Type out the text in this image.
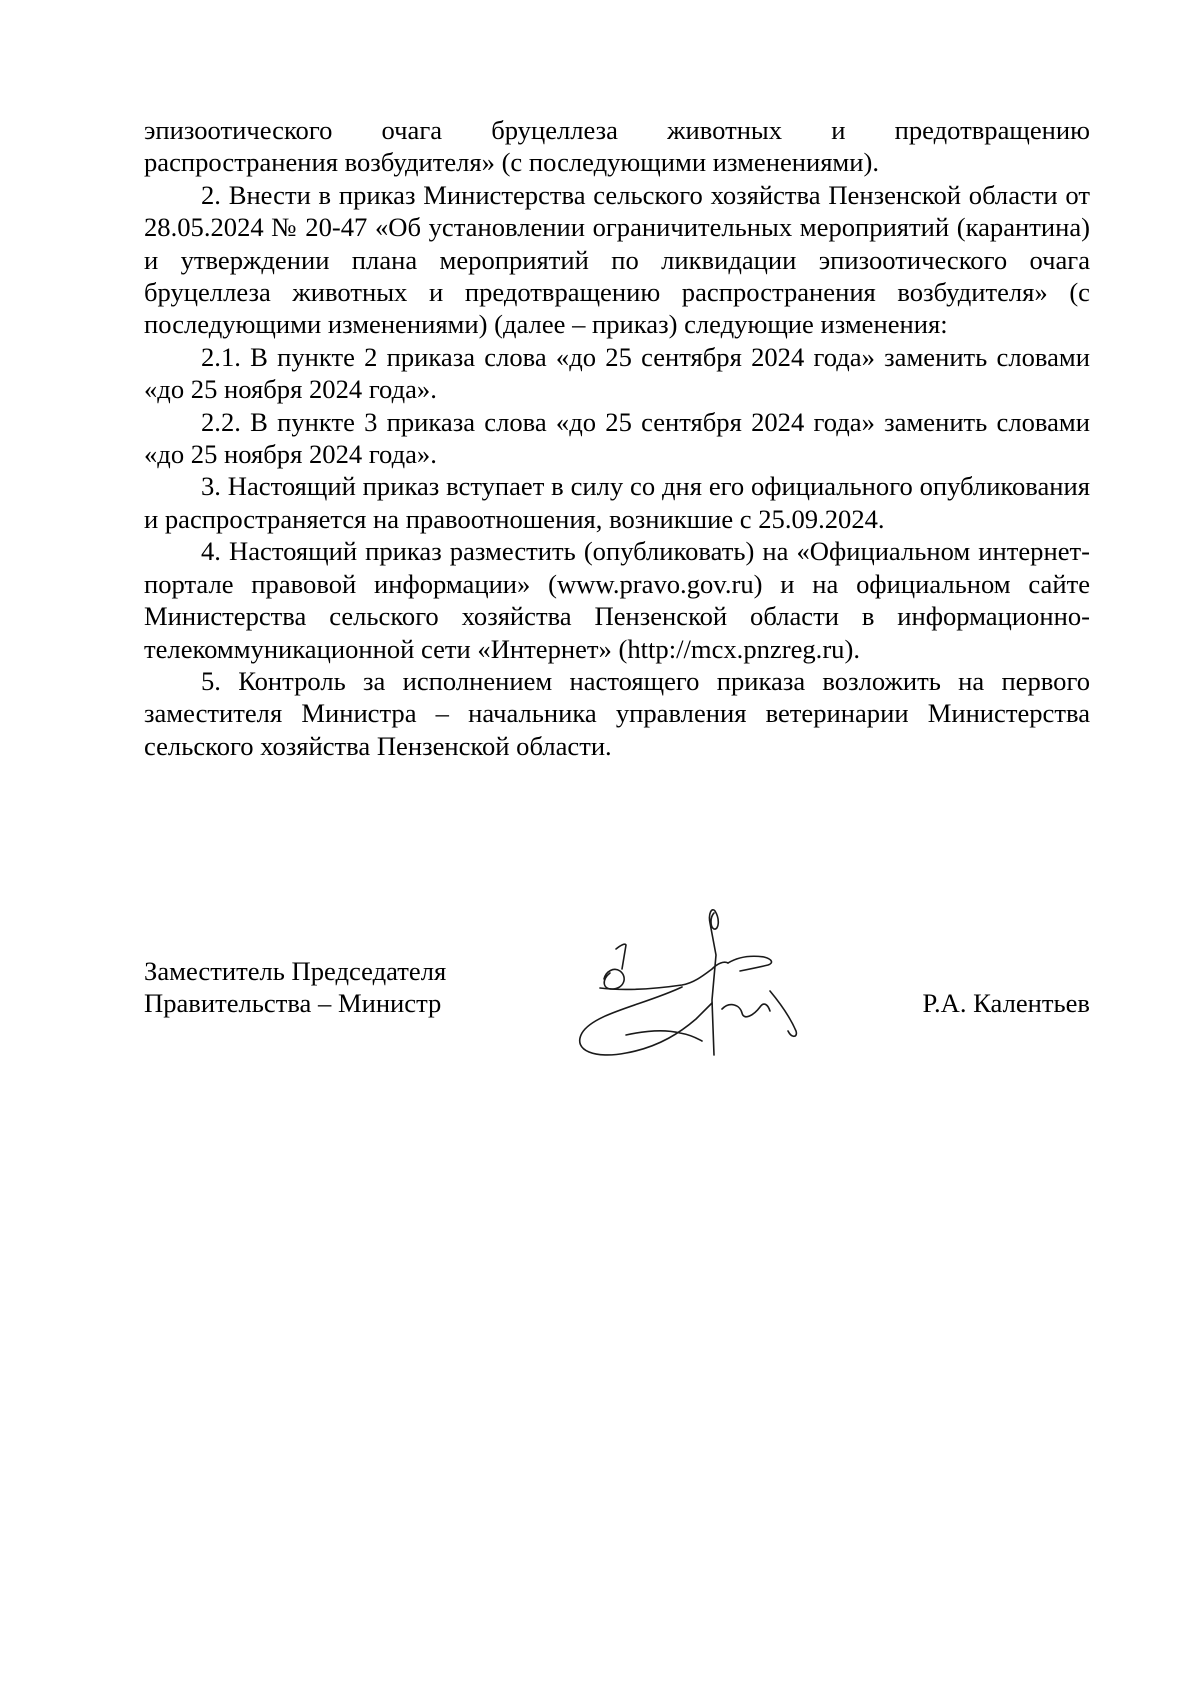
эпизоотического очага бруцеллеза животных и предотвращению
распространения возбудителя» (с последующими изменениями).

2. Внести в приказ Министерства сельского хозяйства Пензенской области от 28.05.2024 № 20-47 «Об установлении ограничительных мероприятий (карантина) и утверждении плана мероприятий по ликвидации эпизоотического очага бруцеллеза животных и предотвращению распространения возбудителя» (с последующими изменениями) (далее – приказ) следующие изменения:

2.1. В пункте 2 приказа слова «до 25 сентября 2024 года» заменить словами «до 25 ноября 2024 года».

2.2. В пункте 3 приказа слова «до 25 сентября 2024 года» заменить словами «до 25 ноября 2024 года».

3. Настоящий приказ вступает в силу со дня его официального опубликования и распространяется на правоотношения, возникшие с 25.09.2024.

4. Настоящий приказ разместить (опубликовать) на «Официальном интернет-портале правовой информации» (www.pravo.gov.ru) и на официальном сайте Министерства сельского хозяйства Пензенской области в информационно-телекоммуникационной сети «Интернет» (http://mcx.pnzreg.ru).

5. Контроль за исполнением настоящего приказа возложить на первого заместителя Министра – начальника управления ветеринарии Министерства сельского хозяйства Пензенской области.

Заместитель Председателя
Правительства – Министр	Р.А. Калентьев
